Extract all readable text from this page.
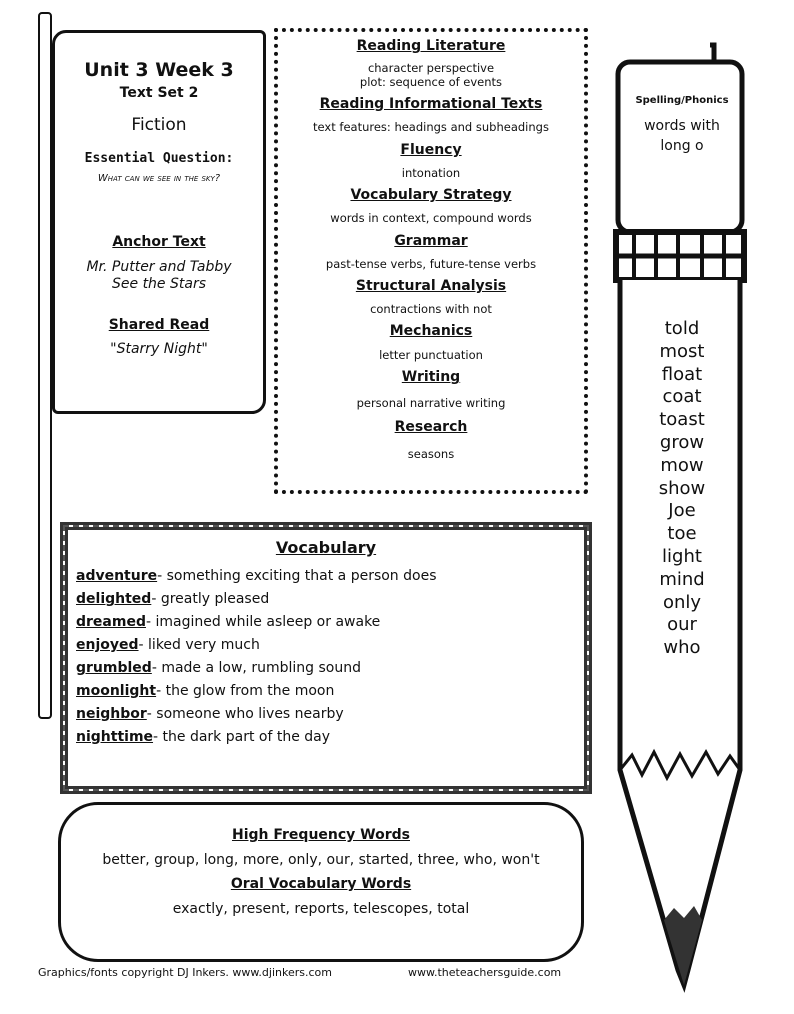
Unit 3 Week 3
Text Set 2
Fiction
Essential Question:
What can we see in the sky?
Anchor Text
Mr. Putter and Tabby
See the Stars
Shared Read
"Starry Night"
Reading Literature
character perspective
plot: sequence of events
Reading Informational Texts
text features: headings and subheadings
Fluency
intonation
Vocabulary Strategy
words in context, compound words
Grammar
past-tense verbs, future-tense verbs
Structural Analysis
contractions with not
Mechanics
letter punctuation
Writing
personal narrative writing
Research
seasons
Spelling/Phonics
words with
long o
told
most
float
coat
toast
grow
mow
show
Joe
toe
light
mind
only
our
who
Vocabulary
adventure- something exciting that a person does
delighted- greatly pleased
dreamed- imagined while asleep or awake
enjoyed- liked very much
grumbled- made a low, rumbling sound
moonlight- the glow from the moon
neighbor- someone who lives nearby
nighttime- the dark part of the day
High Frequency Words
better, group, long, more, only, our, started, three, who, won't
Oral Vocabulary Words
exactly, present, reports, telescopes, total
Graphics/fonts copyright DJ Inkers. www.djinkers.com	www.theteachersguide.com
